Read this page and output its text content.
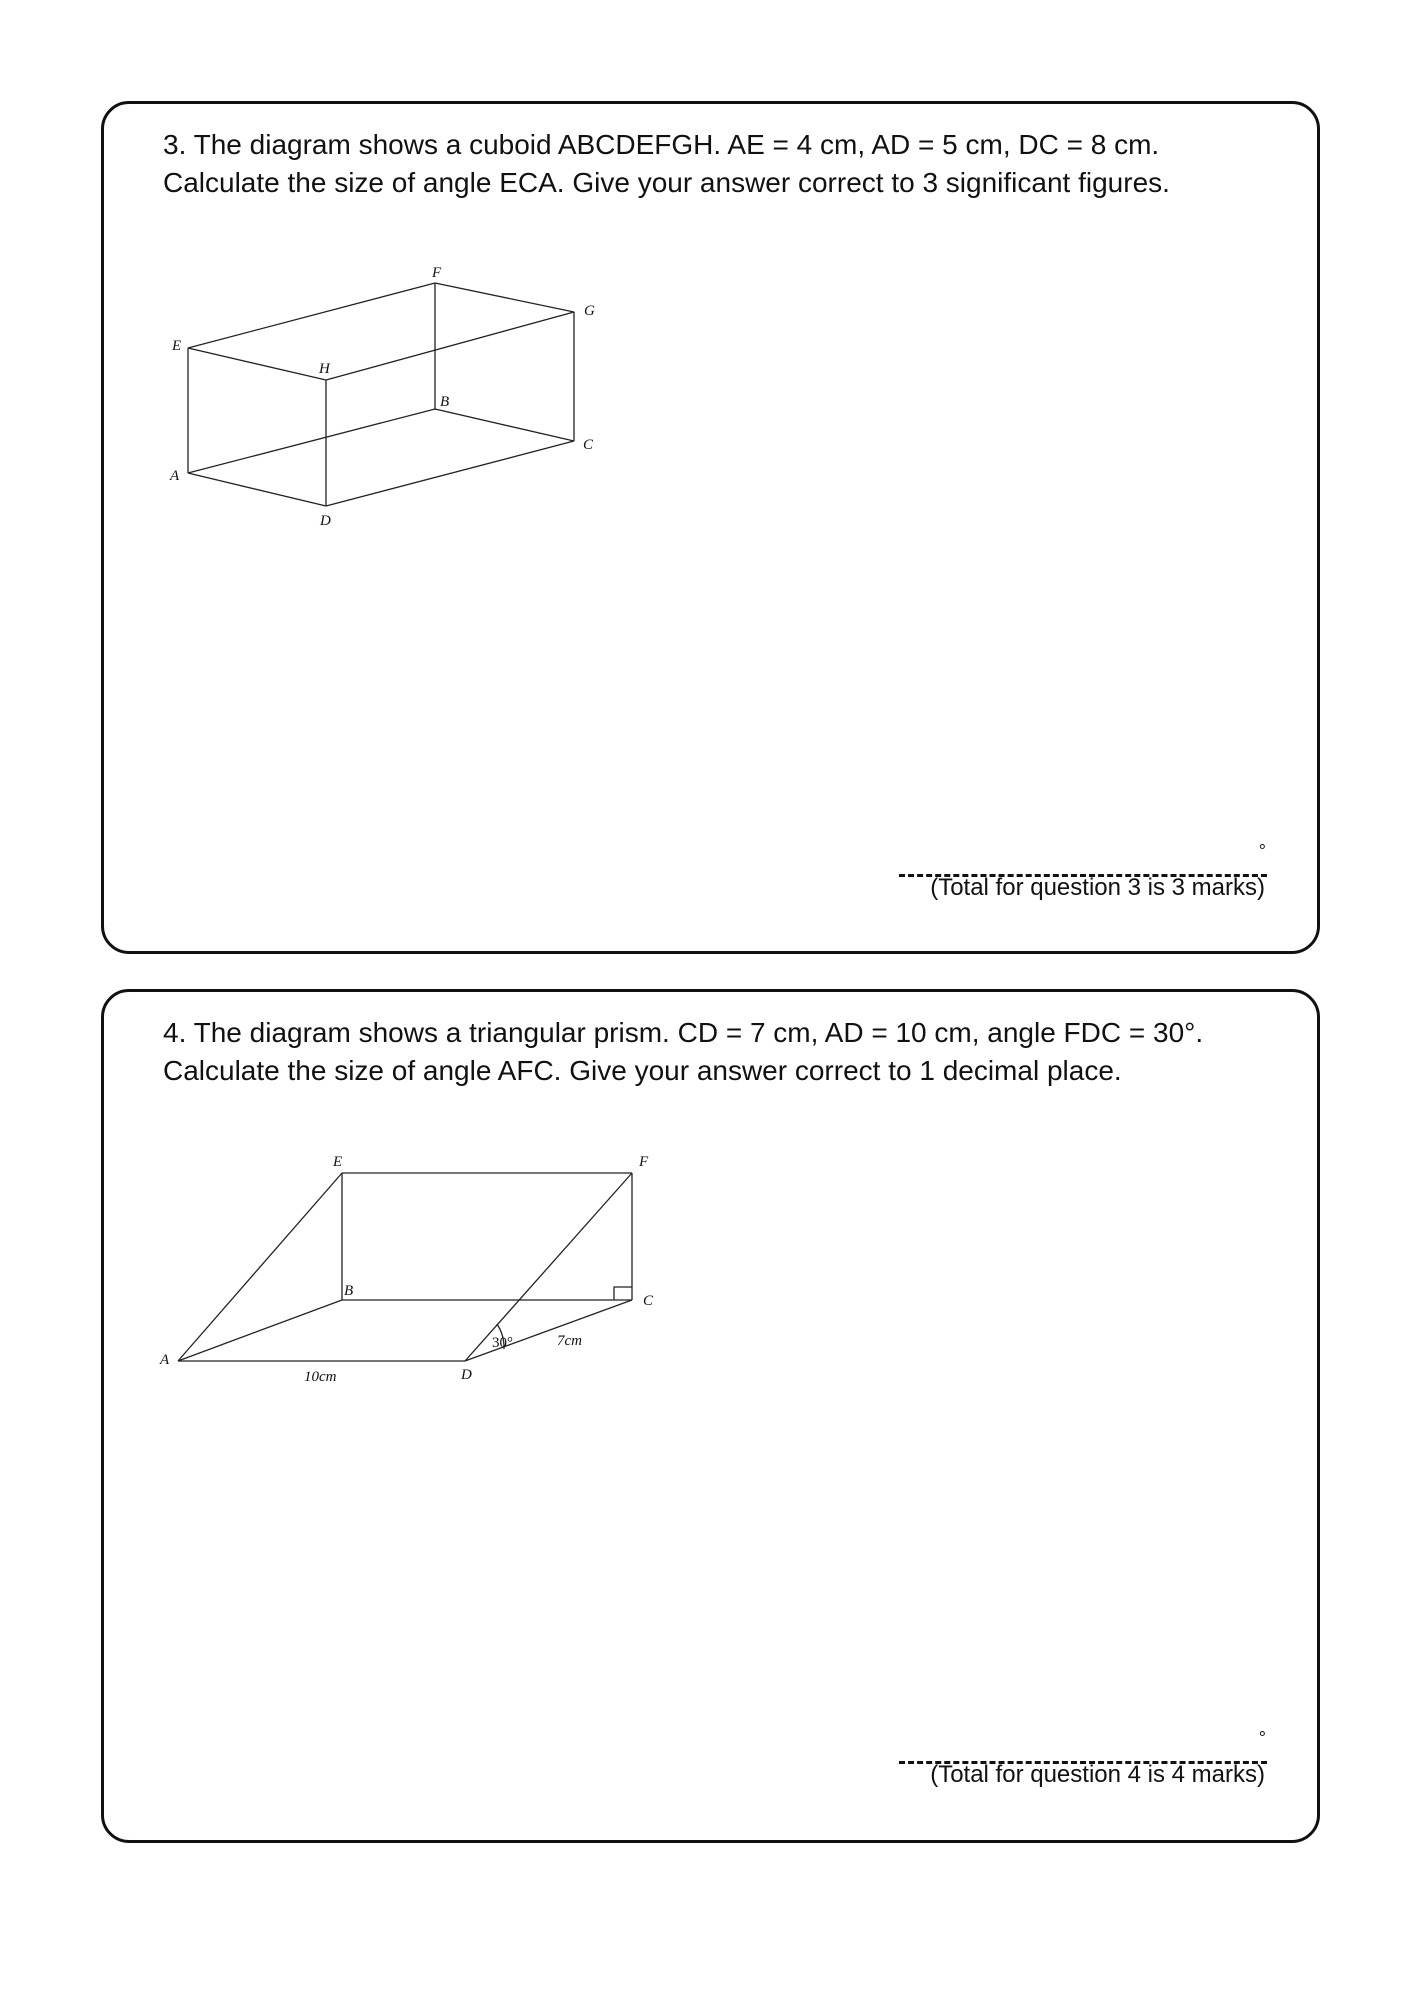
3. The diagram shows a cuboid ABCDEFGH. AE = 4 cm, AD = 5 cm, DC = 8 cm.
Calculate the size of angle ECA. Give your answer correct to 3 significant figures.

E
H
F
G
B
C
A
D
°
(Total for question 3 is 3 marks)

4. The diagram shows a triangular prism. CD = 7 cm, AD = 10 cm, angle FDC = 30°.
Calculate the size of angle AFC. Give your answer correct to 1 decimal place.

E	F
B
C
A
D
30°	7cm
10cm
°
(Total for question 4 is 4 marks)
